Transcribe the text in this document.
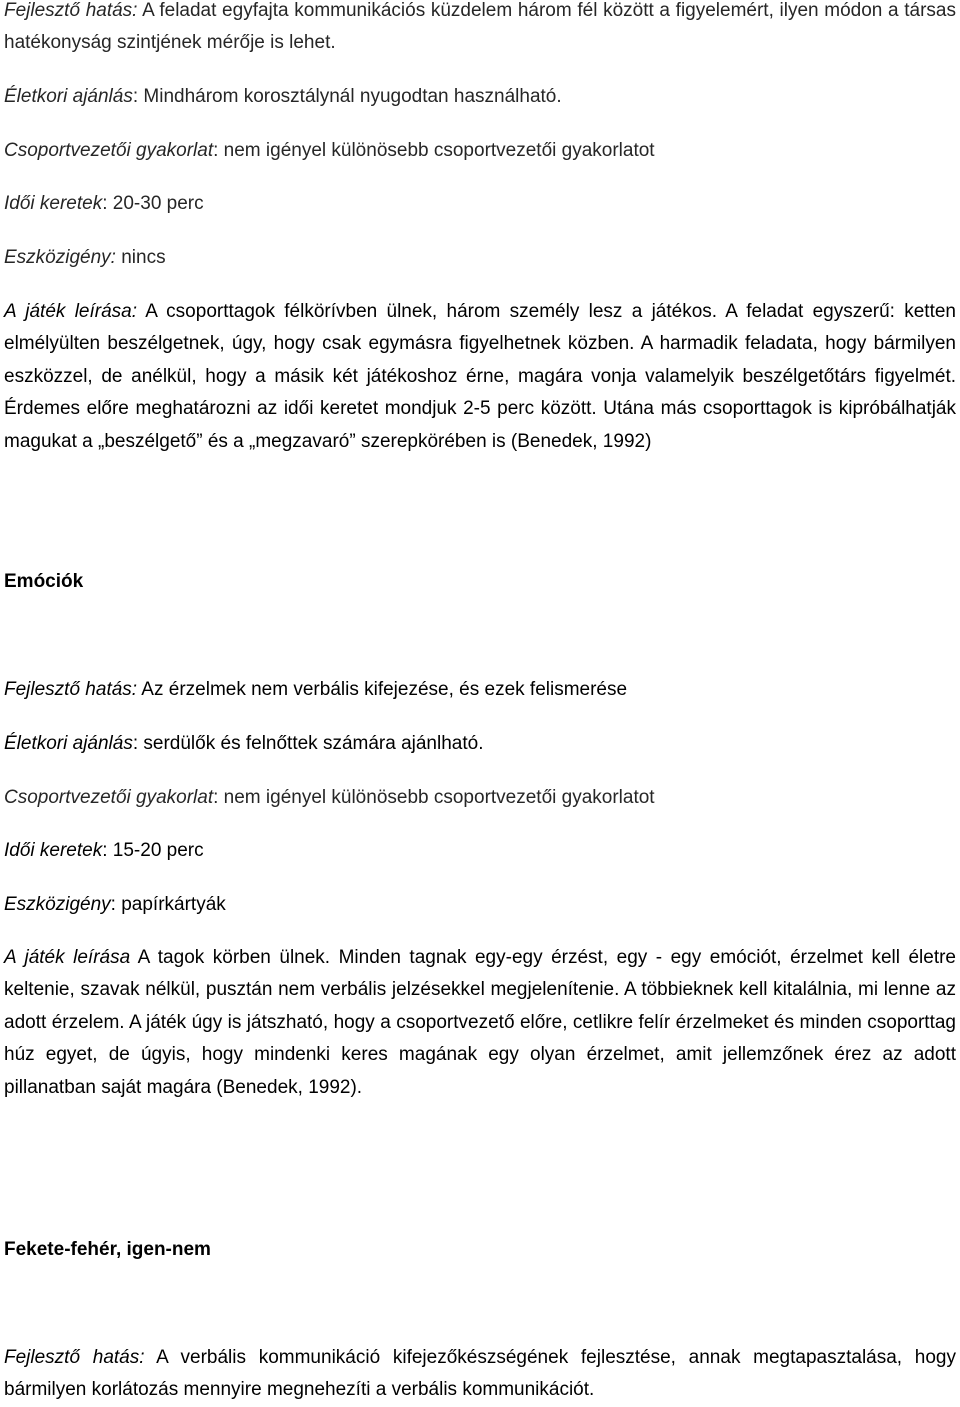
Fejlesztő hatás: A feladat egyfajta kommunikációs küzdelem három fél között a figyelemért, ilyen módon a társas hatékonyság szintjének mérője is lehet.

Életkori ajánlás: Mindhárom korosztálynál nyugodtan használható.

Csoportvezetői gyakorlat: nem igényel különösebb csoportvezetői gyakorlatot

Idői keretek: 20-30 perc

Eszközigény: nincs

A játék leírása: A csoporttagok félkörívben ülnek, három személy lesz a játékos. A feladat egyszerű: ketten elmélyülten beszélgetnek, úgy, hogy csak egymásra figyelhetnek közben. A harmadik feladata, hogy bármilyen eszközzel, de anélkül, hogy a másik két játékoshoz érne, magára vonja valamelyik beszélgetőtárs figyelmét. Érdemes előre meghatározni az idői keretet mondjuk 2-5 perc között. Utána más csoporttagok is kipróbálhatják magukat a „beszélgető” és a „megzavaró” szerepkörében is (Benedek, 1992)

Emóciók

Fejlesztő hatás: Az érzelmek nem verbális kifejezése, és ezek felismerése

Életkori ajánlás: serdülők és felnőttek számára ajánlható.

Csoportvezetői gyakorlat: nem igényel különösebb csoportvezetői gyakorlatot

Idői keretek: 15-20 perc

Eszközigény: papírkártyák

A játék leírása A tagok körben ülnek. Minden tagnak egy-egy érzést, egy - egy emóciót, érzelmet kell életre keltenie, szavak nélkül, pusztán nem verbális jelzésekkel megjelenítenie. A többieknek kell kitalálnia, mi lenne az adott érzelem. A játék úgy is játszható, hogy a csoportvezető előre, cetlikre felír érzelmeket és minden csoporttag húz egyet, de úgyis, hogy mindenki keres magának egy olyan érzelmet, amit jellemzőnek érez az adott pillanatban saját magára (Benedek, 1992).

Fekete-fehér, igen-nem

Fejlesztő hatás: A verbális kommunikáció kifejezőkészségének fejlesztése, annak megtapasztalása, hogy bármilyen korlátozás mennyire megnehezíti a verbális kommunikációt.
